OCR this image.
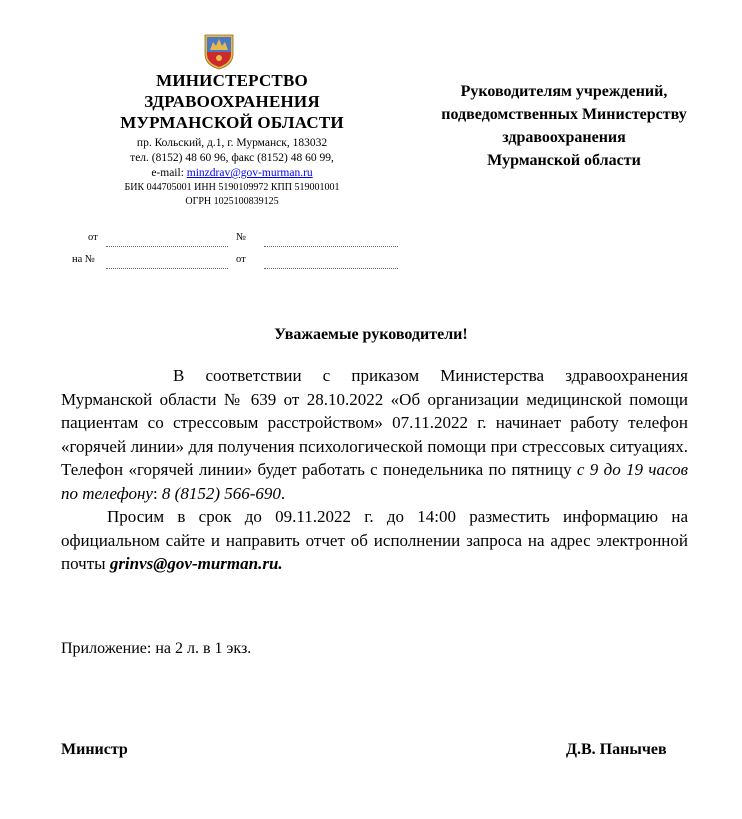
МИНИСТЕРСТВО
ЗДРАВООХРАНЕНИЯ
МУРМАНСКОЙ ОБЛАСТИ
пр. Кольский, д.1, г. Мурманск, 183032
тел. (8152) 48 60 96, факс (8152) 48 60 99,
e-mail: minzdrav@gov-murman.ru
БИК 044705001 ИНН 5190109972 КПП 519001001
ОГРН 1025100839125
от	№
на №	от
Руководителям учреждений,
подведомственных Министерству
здравоохранения
Мурманской области
Уважаемые руководители!

В соответствии с приказом Министерства здравоохранения Мурманской области № 639 от 28.10.2022 «Об организации медицинской помощи пациентам со стрессовым расстройством» 07.11.2022 г. начинает работу телефон «горячей линии» для получения психологической помощи при стрессовых ситуациях. Телефон «горячей линии» будет работать с понедельника по пятницу с 9 до 19 часов по телефону: 8 (8152) 566-690.

Просим в срок до 09.11.2022 г. до 14:00 разместить информацию на официальном сайте и направить отчет об исполнении запроса на адрес электронной почты grinvs@gov-murman.ru.

Приложение: на 2 л. в 1 экз.
Министр	Д.В. Панычев
